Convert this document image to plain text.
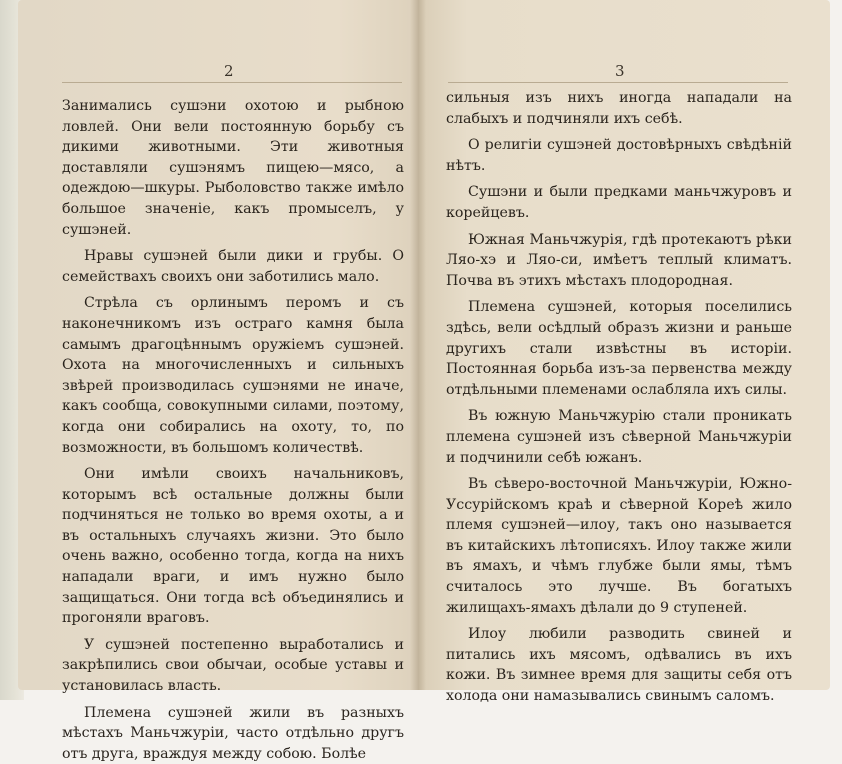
2

Занимались сушэни охотою и рыбною ловлей. Они вели постоянную борьбу съ дикими животными. Эти животныя доставляли сушэнямъ пищею—мясо, а одеждою—шкуры. Рыболовство также имѣло большое значеніе, какъ промыселъ, у сушэней.

Нравы сушэней были дики и грубы. О семействахъ своихъ они заботились мало.

Стрѣла съ орлинымъ перомъ и съ наконечникомъ изъ остраго камня была самымъ драгоцѣннымъ оружіемъ сушэней. Охота на многочисленныхъ и сильныхъ звѣрей производилась сушэнями не иначе, какъ сообща, совокупными силами, поэтому, когда они собирались на охоту, то, по возможности, въ большомъ количествѣ.

Они имѣли своихъ начальниковъ, которымъ всѣ остальные должны были подчиняться не только во время охоты, а и въ остальныхъ случаяхъ жизни. Это было очень важно, особенно тогда, когда на нихъ нападали враги, и имъ нужно было защищаться. Они тогда всѣ объединялись и прогоняли враговъ.

У сушэней постепенно выработались и закрѣпились свои обычаи, особые уставы и установилась власть.

Племена сушэней жили въ разныхъ мѣстахъ Маньчжуріи, часто отдѣльно другъ отъ друга, враждуя между собою. Болѣе

3

сильныя изъ нихъ иногда нападали на слабыхъ и подчиняли ихъ себѣ.

О религіи сушэней достовѣрныхъ свѣдѣній нѣтъ.

Сушэни и были предками маньчжуровъ и корейцевъ.

Южная Маньчжурія, гдѣ протекаютъ рѣки Ляо-хэ и Ляо-си, имѣетъ теплый климатъ. Почва въ этихъ мѣстахъ плодородная.

Племена сушэней, которыя поселились здѣсь, вели осѣдлый образъ жизни и раньше другихъ стали извѣстны въ исторіи. Постоянная борьба изъ-за первенства между отдѣльными племенами ослабляла ихъ силы.

Въ южную Маньчжурію стали проникать племена сушэней изъ сѣверной Маньчжуріи и подчинили себѣ южанъ.

Въ сѣверо-восточной Маньчжуріи, Южно-Уссурійскомъ краѣ и сѣверной Кореѣ жило племя сушэней—илоу, такъ оно называется въ китайскихъ лѣтописяхъ. Илоу также жили въ ямахъ, и чѣмъ глубже были ямы, тѣмъ считалось это лучше. Въ богатыхъ жилищахъ-ямахъ дѣлали до 9 ступеней.

Илоу любили разводить свиней и питались ихъ мясомъ, одѣвались въ ихъ кожи. Въ зимнее время для защиты себя отъ холода они намазывались свинымъ саломъ.
